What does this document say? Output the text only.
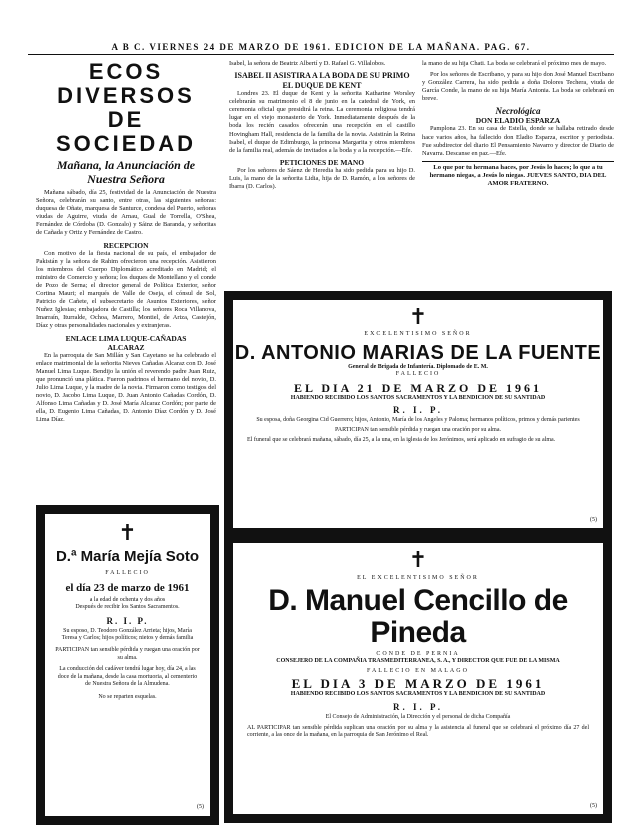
A B C. VIERNES 24 DE MARZO DE 1961. EDICION DE LA MAÑANA. PAG. 67.
ECOS DIVERSOS
DE SOCIEDAD
Mañana, la Anunciación de Nuestra Señora
Mañana sábado, día 25, festividad de la Anunciación de Nuestra Señora, celebrarán su santo, entre otras, las siguientes señoras: duquesa de Oñate, marquesa de Santurce, condesa del Puerto, señoras viudas de Aguirre, viuda de Arnau, Gual de Torrella, O'Shea, Fernández de Córdoba (D. Gonzalo) y Sáinz de Baranda, y señoritas de Cañada y Ortiz y Fernández de Castro.
RECEPCION
Con motivo de la fiesta nacional de su país, el embajador de Pakistán y la señora de Rahim ofrecieron una recepción. Asistieron los miembros del Cuerpo Diplomático acreditado en Madrid; el ministro de Comercio y señora; los duques de Montellano y el conde de Pozo de Serna; el director general de Política Exterior, señor Cortina Mauri; el marqués de Valle de Oseja, el cónsul de Sol, Patricio de Cañete, el subsecretario de Asuntos Exteriores, señor Nuñez Iglesias; embajadora de Castilla; los señores Roca Villanova, Imarraín, Iturralde, Ochoa, Marrero, Montiel, de Ariza, Castejón, Díaz y otras personalidades nacionales y extranjeras.
ENLACE LIMA LUQUE-CAÑADAS
ALCARAZ
En la parroquia de San Millán y San Cayetano se ha celebrado el enlace matrimonial de la señorita Nieves Cañadas Alcaraz con D. José Manuel Lima Luque. Bendijo la unión el reverendo padre Juan Ruiz, que pronunció una plática. Fueron padrinos el hermano del novio, D. Julio Lima Luque, y la madre de la novia. Firmaron como testigos del novio, D. Jacobo Lima Luque, D. Juan Antonio Cañadas Cordón, D. Alfonso Lima Cañadas y D. José María Alcaraz Cordón; por parte de ella, D. Eugenio Lima Cañadas, D. Antonio Díaz Cordón y D. José Lima Díaz.
Isabel, la señora de Beatriz Albertí y D. Rafael G. Villalobos.
ISABEL II ASISTIRA A LA BODA DE SU PRIMO EL DUQUE DE KENT
Londres 23. El duque de Kent y la señorita Katharine Worsley celebrarán su matrimonio el 8 de junio en la catedral de York, en ceremonia oficial que presidirá la reina. La ceremonia religiosa tendrá lugar en el viejo monasterio de York. Inmediatamente después de la boda los recién casados ofrecerán una recepción en el castillo Hovingham Hall, residencia de la familia de la novia. Asistirán la Reina Isabel, el duque de Edimburgo, la princesa Margarita y otros miembros de la familia real, además de invitados a la boda y a la recepción.—Efe.
PETICIONES DE MANO
Por los señores de Sáenz de Heredia ha sido pedida para su hijo D. Luis, la mano de la señorita Lidia, hija de D. Ramón, a los señores de Ibarra (D. Carlos).
la mano de su hija Chati. La boda se celebrará el próximo mes de mayo.
Por los señores de Escribano, y para su hijo don José Manuel Escribano y González Carrera, ha sido pedida a doña Dolores Techera, viuda de García Conde, la mano de su hija María Antonia. La boda se celebrará en breve.
Necrológica
DON ELADIO ESPARZA
Pamplona 23. En su casa de Estella, donde se hallaba retirado desde hace varios años, ha fallecido don Eladio Esparza, escritor y periodista. Fue subdirector del diario El Pensamiento Navarro y director de Diario de Navarra. Descanse en paz.—Efe.
Lo que por tu hermana haces, por Jesús lo haces; lo que a tu hermano niegas, a Jesús lo niegas. JUEVES SANTO, DIA DEL AMOR FRATERNO.
✝
D.ª María Mejía Soto
FALLECIO
el día 23 de marzo de 1961
a la edad de ochenta y dos años
Después de recibir los Santos Sacramentos.
R. I. P.
Su esposo, D. Teodoro González Arrieta; hijos, María Teresa y Carlos; hijos políticos; nietos y demás familia
PARTICIPAN tan sensible pérdida y ruegan una oración por su alma.
La conducción del cadáver tendrá lugar hoy, día 24, a las doce de la mañana, desde la casa mortuoria, al cementerio de Nuestra Señora de la Almudena.
No se reparten esquelas.
(5)
✝
EXCELENTISIMO SEÑOR
D. ANTONIO MARIAS DE LA FUENTE
General de Brigada de Infantería. Diplomado de E. M.
FALLECIO
EL DIA 21 DE MARZO DE 1961
HABIENDO RECIBIDO LOS SANTOS SACRAMENTOS Y LA BENDICION DE SU SANTIDAD
R. I. P.
Su esposa, doña Georgina Cid Guerrero; hijos, Antonio, María de los Angeles y Paloma; hermanos políticos, primos y demás parientes
PARTICIPAN tan sensible pérdida y ruegan una oración por su alma.
El funeral que se celebrará mañana, sábado, día 25, a la una, en la iglesia de los Jerónimos, será aplicado en sufragio de su alma.
(5)
✝
EL EXCELENTISIMO SEÑOR
D. Manuel Cencillo de Pineda
CONDE DE PERNIA
CONSEJERO DE LA COMPAÑIA TRASMEDITERRANEA, S. A., Y DIRECTOR QUE FUE DE LA MISMA
FALLECIO EN MALAGO
EL DIA 3 DE MARZO DE 1961
HABIENDO RECIBIDO LOS SANTOS SACRAMENTOS Y LA BENDICION DE SU SANTIDAD
R. I. P.
El Consejo de Administración, la Dirección y el personal de dicha Compañía
AL PARTICIPAR tan sensible pérdida suplican una oración por su alma y la asistencia al funeral que se celebrará el próximo día 27 del corriente, a las once de la mañana, en la parroquia de San Jerónimo el Real.
(5)
